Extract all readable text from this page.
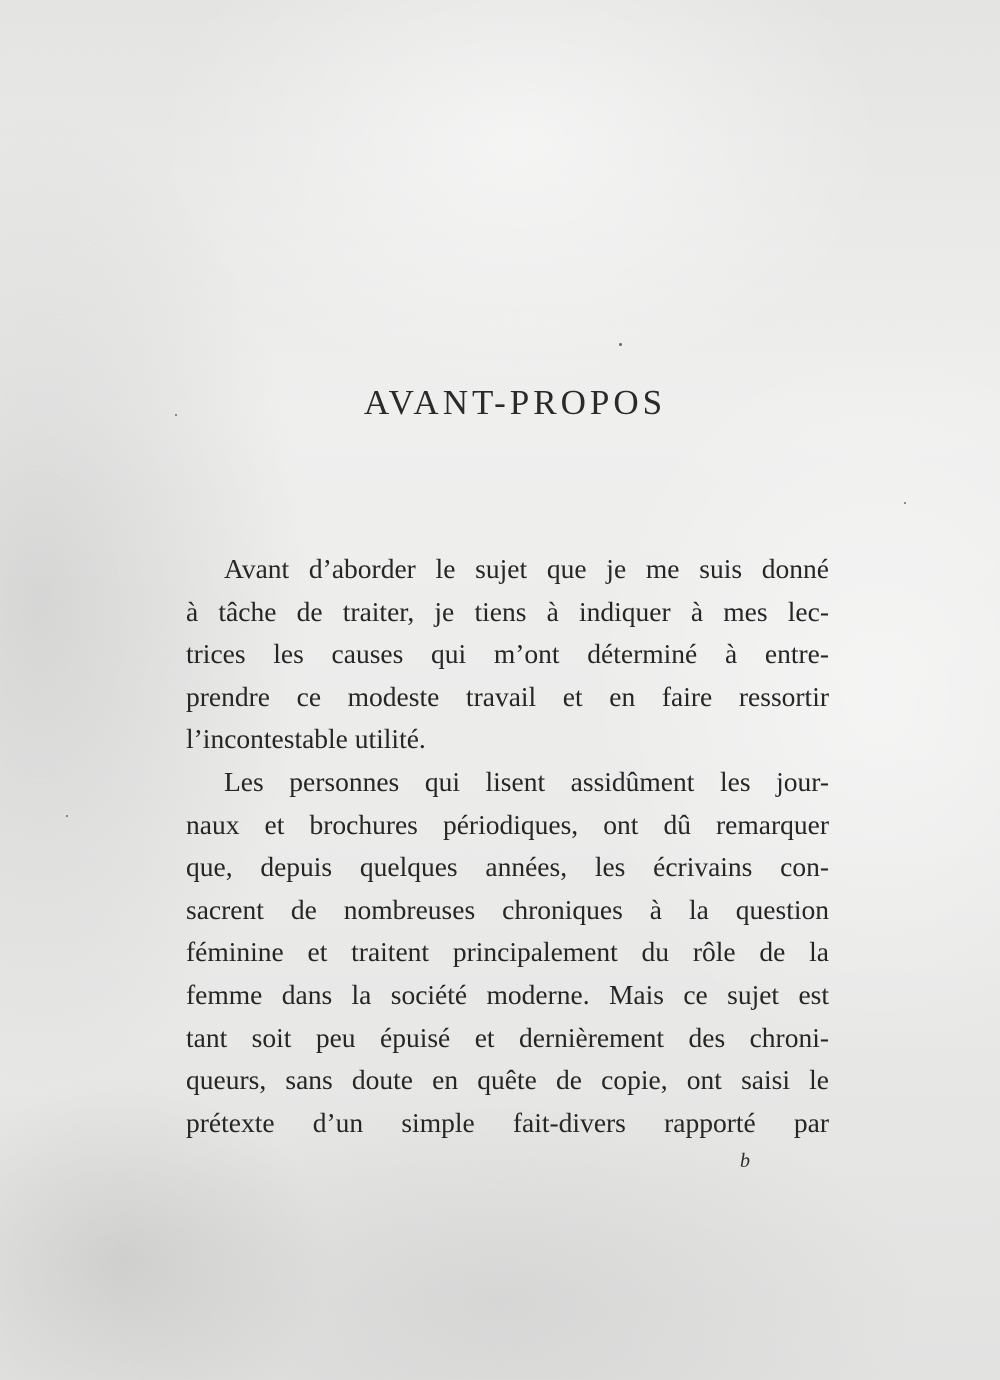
AVANT-PROPOS
Avant d’aborder le sujet que je me suis donné
à tâche de traiter, je tiens à indiquer à mes lec-
trices les causes qui m’ont déterminé à entre-
prendre ce modeste travail et en faire ressortir
l’incontestable utilité.
Les personnes qui lisent assidûment les jour-
naux et brochures périodiques, ont dû remarquer
que, depuis quelques années, les écrivains con-
sacrent de nombreuses chroniques à la question
féminine et traitent principalement du rôle de la
femme dans la société moderne. Mais ce sujet est
tant soit peu épuisé et dernièrement des chroni-
queurs, sans doute en quête de copie, ont saisi le
prétexte d’un simple fait-divers rapporté par
b
